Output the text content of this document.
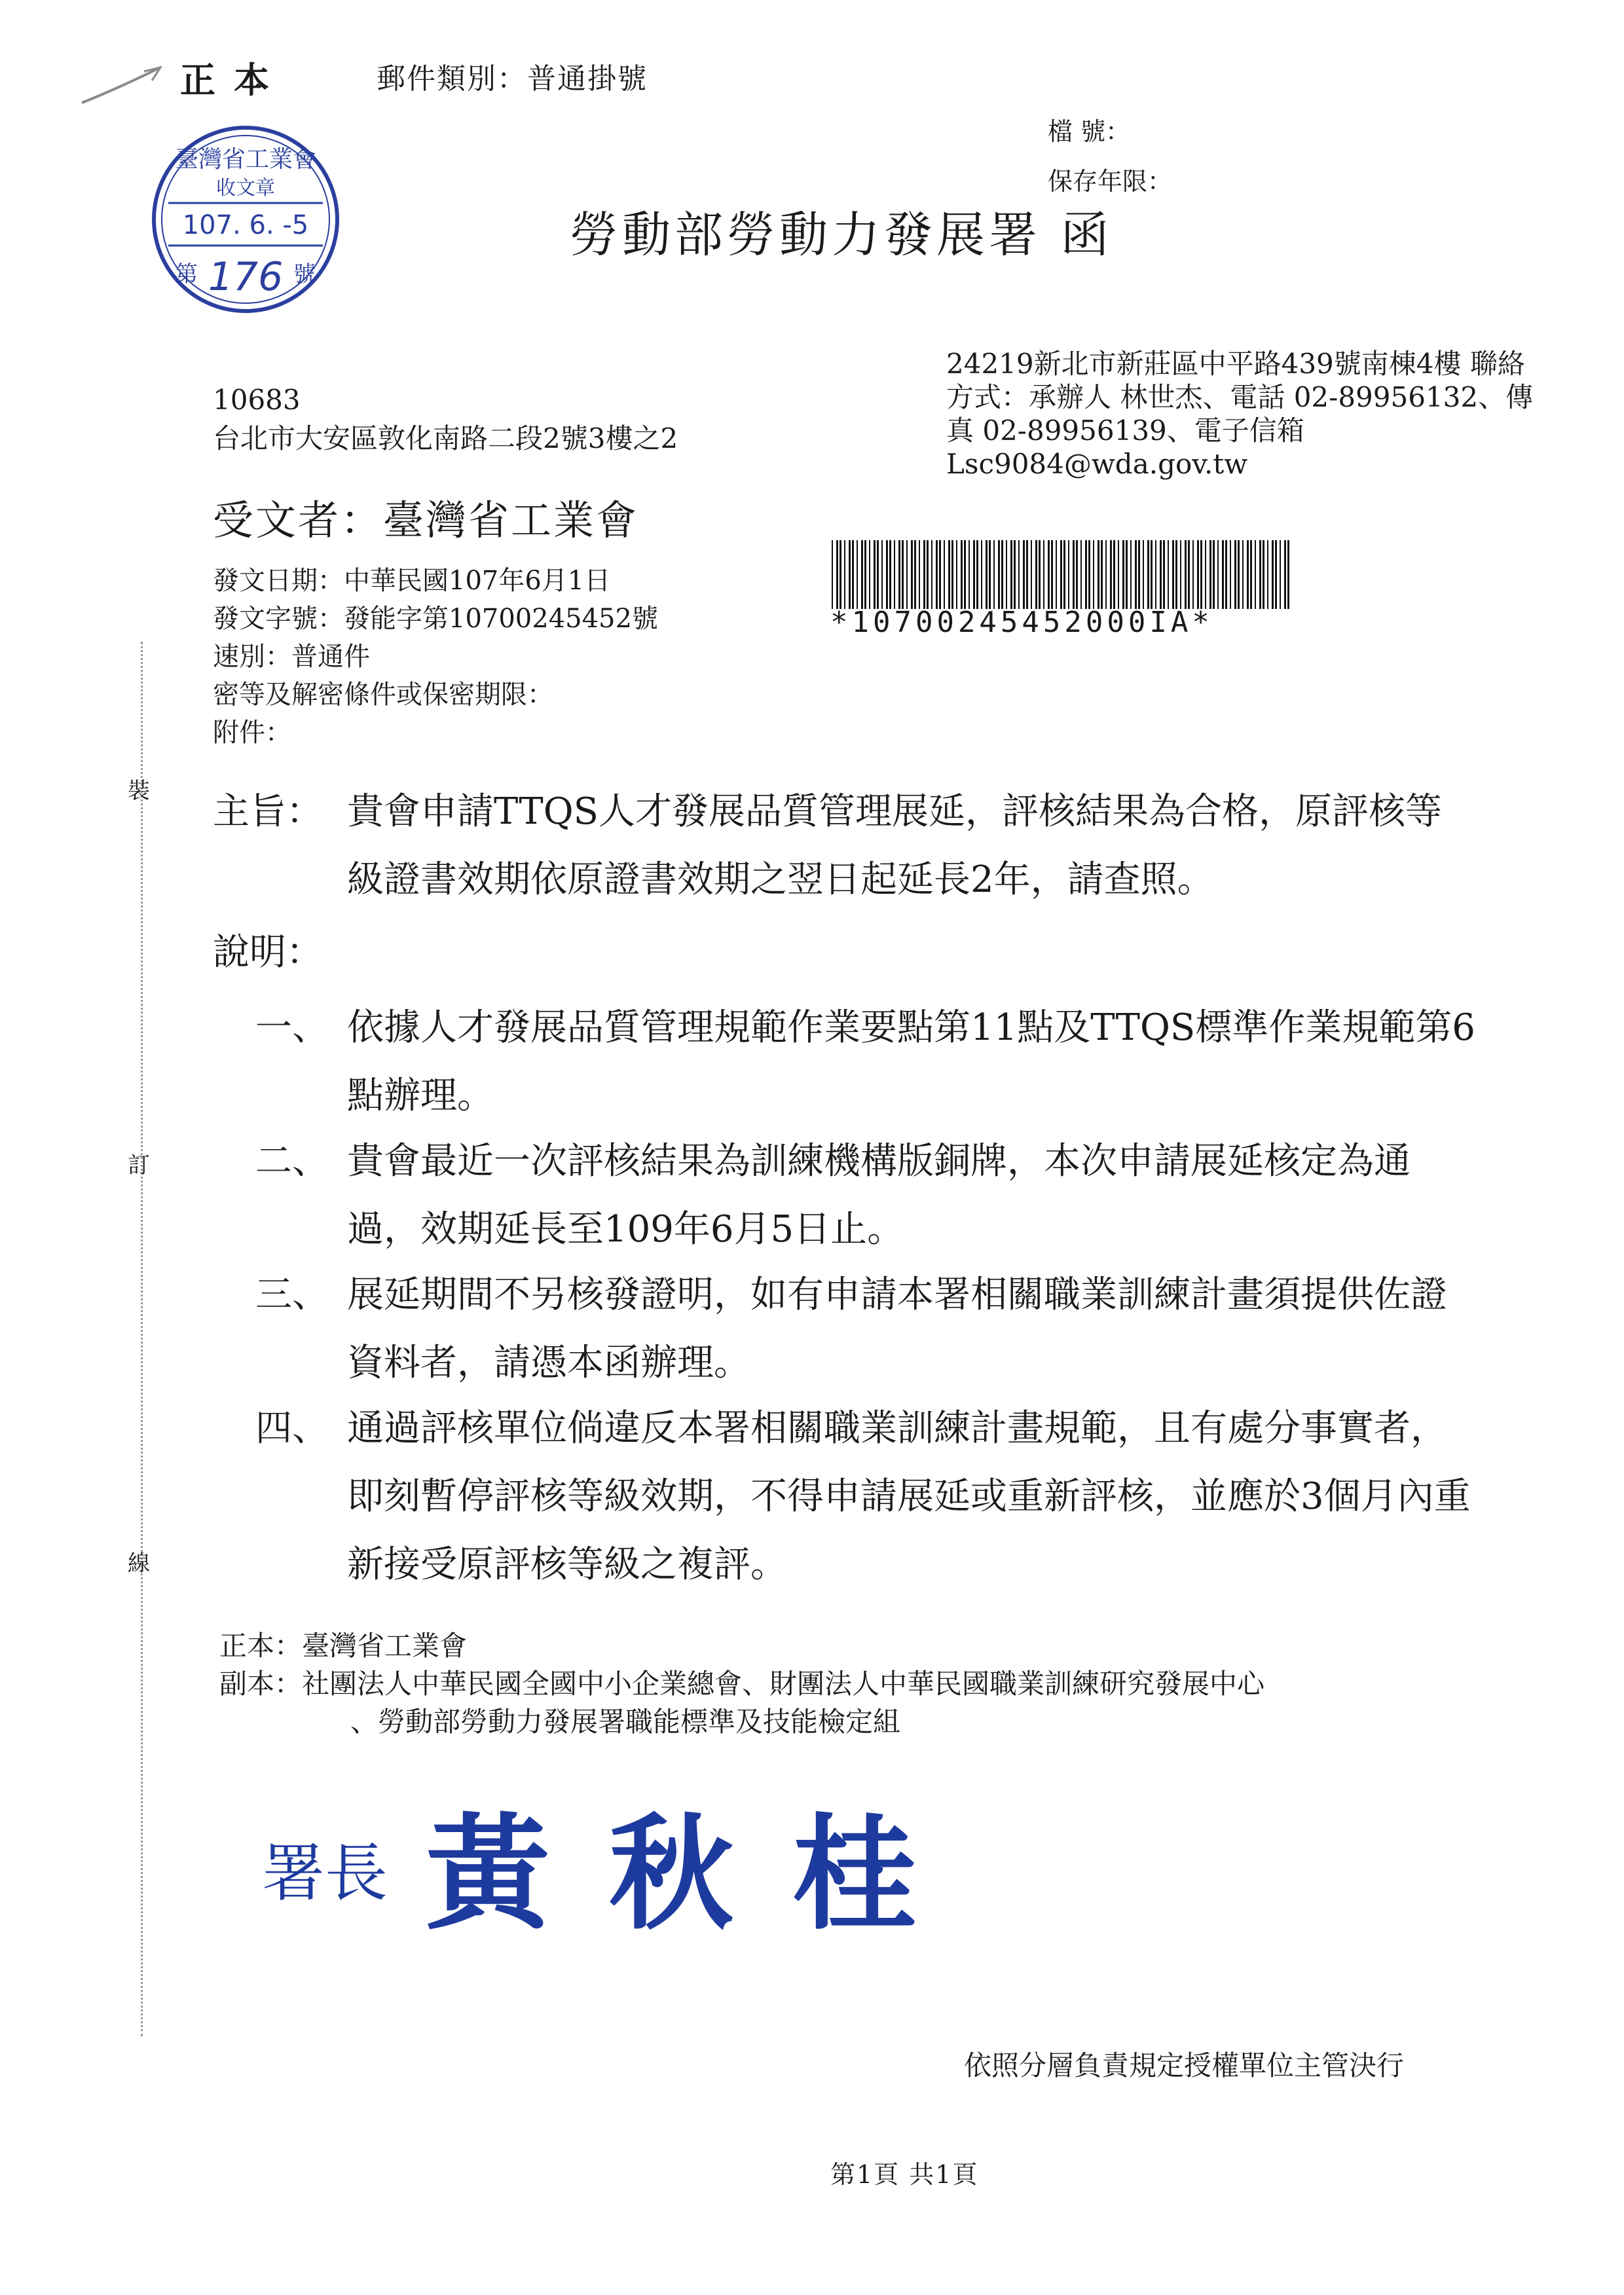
正本	郵件類別：普通掛號
檔 號：
保存年限：
勞動部勞動力發展署 函
臺灣省工業會
收文章
107. 6. -5
第 176 號
24219新北市新莊區中平路439號南棟4樓 聯絡方式：承辦人 林世杰、電話 02-89956132、傳真 02-89956139、電子信箱 Lsc9084@wda.gov.tw
10683
台北市大安區敦化南路二段2號3樓之2
受文者：臺灣省工業會
發文日期：中華民國107年6月1日
發文字號：發能字第10700245452號
速別：普通件
密等及解密條件或保密期限：
附件：
*10700245452000IA*
主旨： 貴會申請TTQS人才發展品質管理展延，評核結果為合格，原評核等級證書效期依原證書效期之翌日起延長2年，請查照。
說明：
一、 依據人才發展品質管理規範作業要點第11點及TTQS標準作業規範第6點辦理。
二、 貴會最近一次評核結果為訓練機構版銅牌，本次申請展延核定為通過，效期延長至109年6月5日止。
三、 展延期間不另核發證明，如有申請本署相關職業訓練計畫須提供佐證資料者，請憑本函辦理。
四、 通過評核單位倘違反本署相關職業訓練計畫規範，且有處分事實者，即刻暫停評核等級效期，不得申請展延或重新評核，並應於3個月內重新接受原評核等級之複評。
正本：臺灣省工業會
副本：社團法人中華民國全國中小企業總會、財團法人中華民國職業訓練研究發展中心
、勞動部勞動力發展署職能標準及技能檢定組
署長 黃秋桂
依照分層負責規定授權單位主管決行
第1頁 共1頁
裝
訂
線
